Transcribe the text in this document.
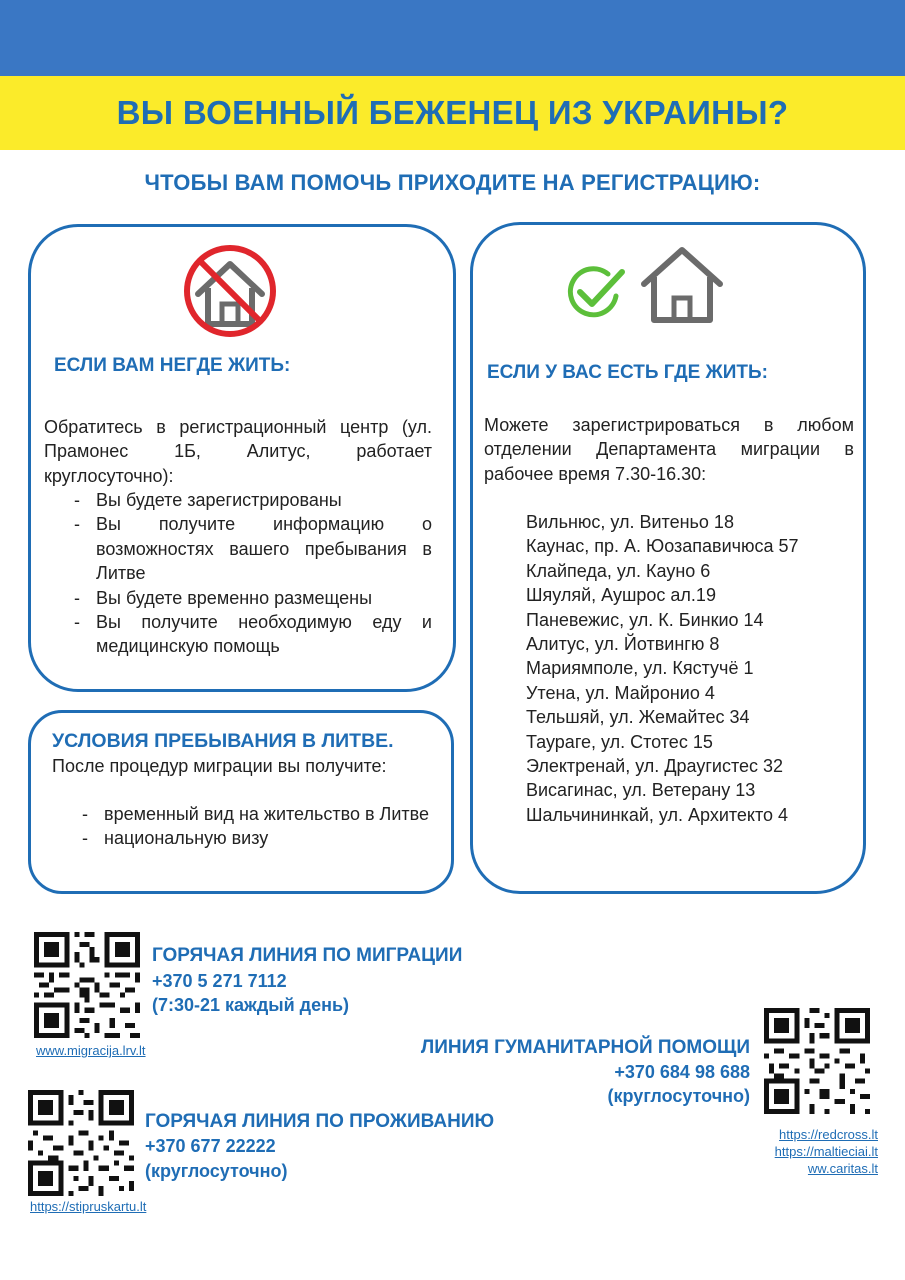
ВЫ ВОЕННЫЙ БЕЖЕНЕЦ ИЗ УКРАИНЫ?
ЧТОБЫ ВАМ ПОМОЧЬ ПРИХОДИТЕ НА РЕГИСТРАЦИЮ:
ЕСЛИ ВАМ НЕГДЕ ЖИТЬ:
Обратитесь в регистрационный центр (ул. Прамонес 1Б, Алитус, работает круглосуточно):
- Вы будете зарегистрированы
- Вы получите информацию о возможностях вашего пребывания в Литве
- Вы будете временно размещены
- Вы получите необходимую еду и медицинскую помощь
ЕСЛИ У ВАС ЕСТЬ ГДЕ ЖИТЬ:
Можете зарегистрироваться в любом отделении Департамента миграции в рабочее время 7.30-16.30:
Вильнюс, ул. Витеньо 18
Каунас, пр. А. Юозапавичюса 57
Клайпеда, ул. Кауно 6
Шяуляй, Аушрос ал.19
Паневежис, ул. К. Бинкио 14
Алитус, ул. Йотвингю 8
Мариямполе, ул. Кястучё 1
Утена, ул. Майронио 4
Тельшяй, ул. Жемайтес 34
Таураге, ул. Стотес 15
Электренай, ул. Драугистес 32
Висагинас, ул. Ветерану 13
Шальчининкай, ул. Архитекто 4
УСЛОВИЯ ПРЕБЫВАНИЯ В ЛИТВЕ.
После процедур миграции вы получите:
- временный вид на жительство в Литве
- национальную визу
ГОРЯЧАЯ ЛИНИЯ ПО МИГРАЦИИ
+370 5 271 7112
(7:30-21 каждый день)
www.migracija.lrv.lt	ЛИНИЯ ГУМАНИТАРНОЙ ПОМОЩИ
+370 684 98 688
(круглосуточно)
https://redcross.lt
https://maltieciai.lt
ww.caritas.lt
ГОРЯЧАЯ ЛИНИЯ ПО ПРОЖИВАНИЮ
+370 677 22222
(круглосуточно)
https://stipruskartu.lt
